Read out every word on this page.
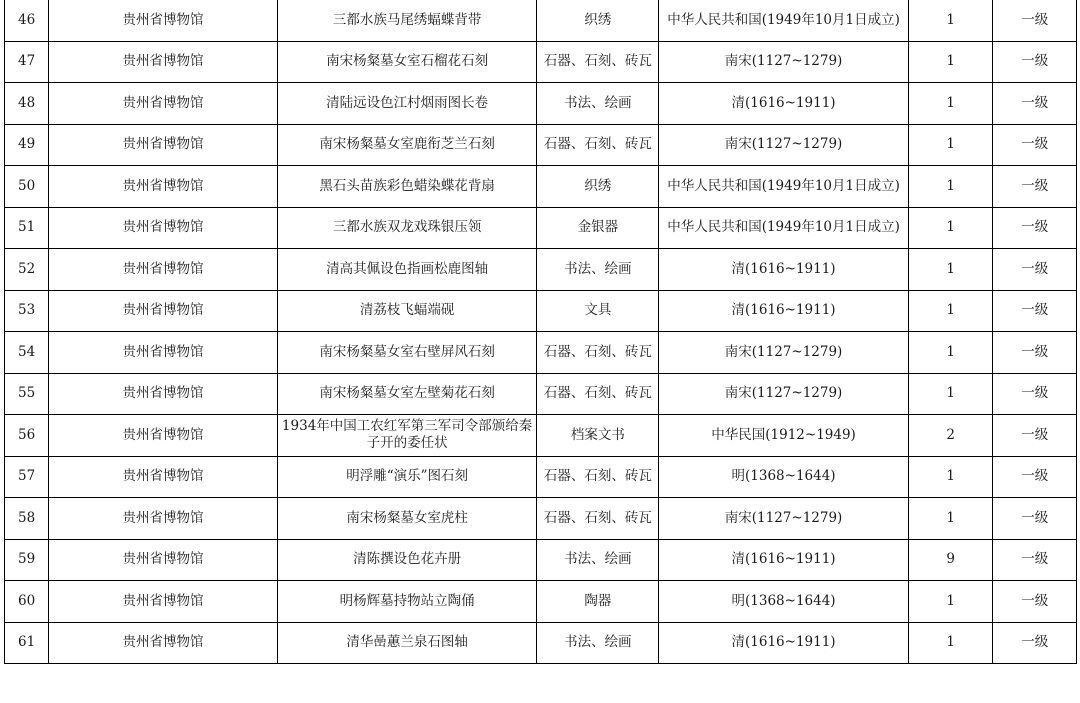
46	贵州省博物馆	三都水族马尾绣蝠蝶背带	织绣	中华人民共和国(1949年10月1日成立)	1	一级
47	贵州省博物馆	南宋杨粲墓女室石榴花石刻	石器、石刻、砖瓦	南宋(1127~1279)	1	一级
48	贵州省博物馆	清陆远设色江村烟雨图长卷	书法、绘画	清(1616~1911)	1	一级
49	贵州省博物馆	南宋杨粲墓女室鹿衔芝兰石刻	石器、石刻、砖瓦	南宋(1127~1279)	1	一级
50	贵州省博物馆	黑石头苗族彩色蜡染蝶花背扇	织绣	中华人民共和国(1949年10月1日成立)	1	一级
51	贵州省博物馆	三都水族双龙戏珠银压领	金银器	中华人民共和国(1949年10月1日成立)	1	一级
52	贵州省博物馆	清高其佩设色指画松鹿图轴	书法、绘画	清(1616~1911)	1	一级
53	贵州省博物馆	清荔枝飞蝠端砚	文具	清(1616~1911)	1	一级
54	贵州省博物馆	南宋杨粲墓女室右壁屏风石刻	石器、石刻、砖瓦	南宋(1127~1279)	1	一级
55	贵州省博物馆	南宋杨粲墓女室左壁菊花石刻	石器、石刻、砖瓦	南宋(1127~1279)	1	一级
56	贵州省博物馆	1934年中国工农红军第三军司令部颁给秦子开的委任状	档案文书	中华民国(1912~1949)	2	一级
57	贵州省博物馆	明浮雕“演乐”图石刻	石器、石刻、砖瓦	明(1368~1644)	1	一级
58	贵州省博物馆	南宋杨粲墓女室虎柱	石器、石刻、砖瓦	南宋(1127~1279)	1	一级
59	贵州省博物馆	清陈撰设色花卉册	书法、绘画	清(1616~1911)	9	一级
60	贵州省博物馆	明杨辉墓持物站立陶俑	陶器	明(1368~1644)	1	一级
61	贵州省博物馆	清华喦蕙兰泉石图轴	书法、绘画	清(1616~1911)	1	一级
